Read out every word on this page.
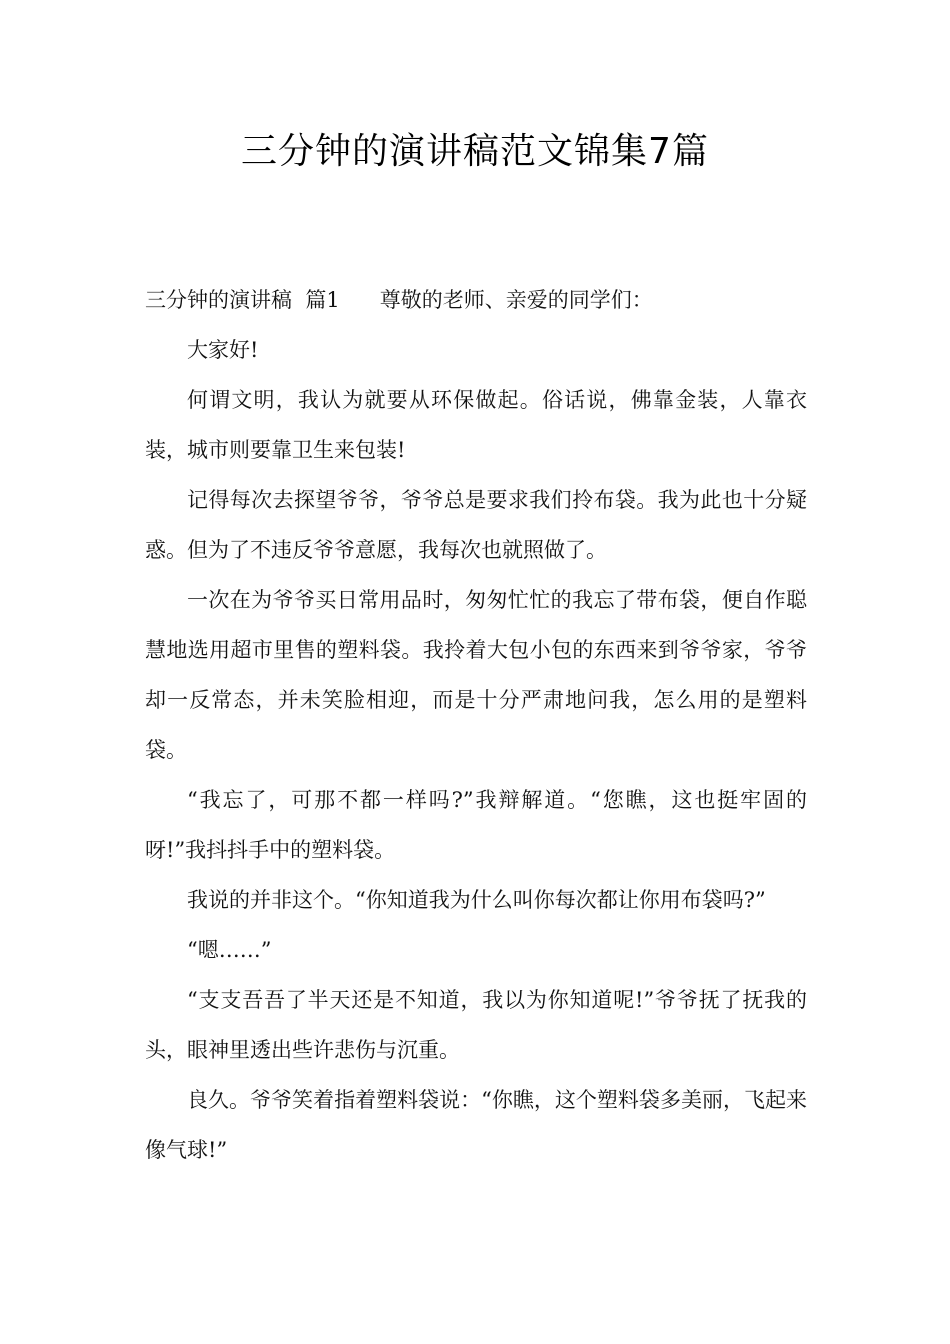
三分钟的演讲稿范文锦集7篇

三分钟的演讲稿  篇1 尊敬的老师、亲爱的同学们：

大家好!

何谓文明，我认为就要从环保做起。俗话说，佛靠金装，人靠衣装，城市则要靠卫生来包装!

记得每次去探望爷爷，爷爷总是要求我们拎布袋。我为此也十分疑惑。但为了不违反爷爷意愿，我每次也就照做了。

一次在为爷爷买日常用品时，匆匆忙忙的我忘了带布袋，便自作聪慧地选用超市里售的塑料袋。我拎着大包小包的东西来到爷爷家，爷爷却一反常态，并未笑脸相迎，而是十分严肃地问我，怎么用的是塑料袋。

“我忘了，可那不都一样吗?”我辩解道。“您瞧，这也挺牢固的呀!”我抖抖手中的塑料袋。

我说的并非这个。“你知道我为什么叫你每次都让你用布袋吗?”

“嗯……”

“支支吾吾了半天还是不知道，我以为你知道呢!”爷爷抚了抚我的头，眼神里透出些许悲伤与沉重。

良久。爷爷笑着指着塑料袋说：“你瞧，这个塑料袋多美丽，飞起来像气球!”
